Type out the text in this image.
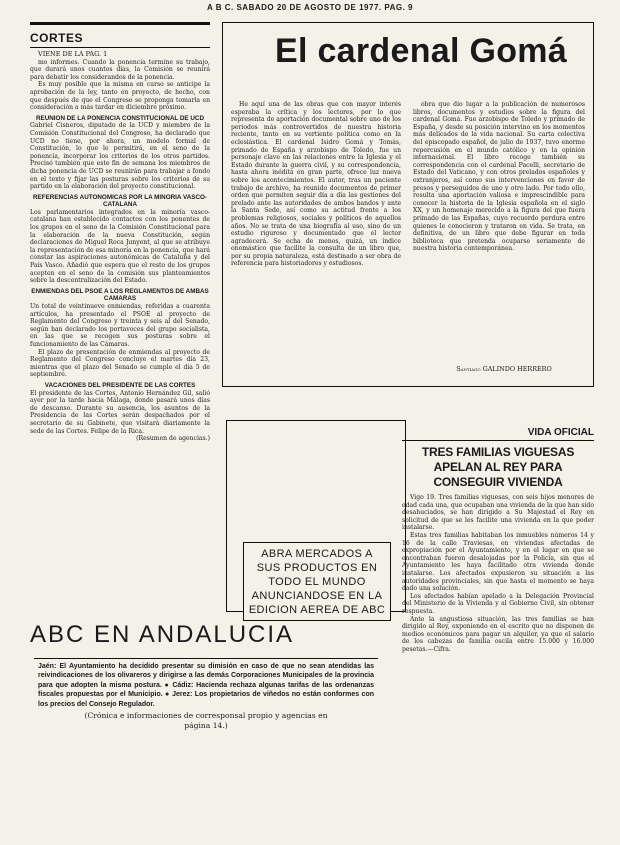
A B C. SABADO 20 DE AGOSTO DE 1977. PAG. 9
CORTES

VIENE DE LA PAG. 1

mo informes. Cuando la ponencia termine su trabajo, que durará unos cuantos días, la Comisión se reunirá para debatir los considerandos de la ponencia.

Es muy posible que la misma en curso se anticipe la aprobación de la ley, tanto en proyecto, de hecho, con que después de que el Congreso se proponga tomarla en consideración a más tardar en diciembre próximo.

REUNION DE LA PONENCIA CONSTITUCIONAL DE UCD

Gabriel Cisneros, diputado de la UCD y miembro de la Comisión Constitucional del Congreso, ha declarado que UCD no tiene, por ahora, un modelo formal de Constitución, lo que le permitirá, en el seno de la ponencia, incorporar los criterios de los otros partidos. Precisó también que este fin de semana los miembros de dicha ponencia de UCD se reunirán para trabajar a fondo en el texto y fijar las posturas sobre los criterios de su partido en la elaboración del proyecto constitucional.

REFERENCIAS AUTONOMICAS POR LA MINORIA VASCO-CATALANA

Los parlamentarios integrados en la minoría vasco-catalana han establecido contactos con los ponentes de los grupos en el seno de la Comisión Constitucional para la elaboración de la nueva Constitución, según declaraciones de Miguel Roca Junyent, al que se atribuye la representación de esa minoría en la ponencia, que hará constar las aspiraciones autonómicas de Cataluña y del País Vasco. Añadió que espera que el resto de los grupos acepten en el seno de la comisión sus planteamientos sobre la descentralización del Estado.

ENMIENDAS DEL PSOE A LOS REGLAMENTOS DE AMBAS CAMARAS

Un total de veintinueve enmiendas, referidas a cuarenta artículos, ha presentado el PSOE al proyecto de Reglamento del Congreso y treinta y seis al del Senado, según han declarado los portavoces del grupo socialista, en las que se recogen sus posturas sobre el funcionamiento de las Cámaras.

El plazo de presentación de enmiendas al proyecto de Reglamento del Congreso concluye el martes día 23, mientras que el plazo del Senado se cumple el día 5 de septiembre.

VACACIONES DEL PRESIDENTE DE LAS CORTES

El presidente de las Cortes, Antonio Hernández Gil, salió ayer por la tarde hacia Málaga, donde pasará unos días de descanso. Durante su ausencia, los asuntos de la Presidencia de las Cortes serán despachados por el secretario de su Gabinete, que visitará diariamente la sede de las Cortes. Felipe de la Rica.

(Resumen de agencias.)

El cardenal Gomá

He aquí una de las obras que con mayor interés esperaba la crítica y los lectores, por lo que representa de aportación documental sobre uno de los periodos más controvertidos de nuestra historia reciente, tanto en su vertiente política como en la eclesiástica. El cardenal Isidro Gomá y Tomás, primado de España y arzobispo de Toledo, fue un personaje clave en las relaciones entre la Iglesia y el Estado durante la guerra civil, y su correspondencia, hasta ahora inédita en gran parte, ofrece luz nueva sobre los acontecimientos. El autor, tras un paciente trabajo de archivo, ha reunido documentos de primer orden que permiten seguir día a día las gestiones del prelado ante las autoridades de ambos bandos y ante la Santa Sede, así como su actitud frente a los problemas religiosos, sociales y políticos de aquellos años. No se trata de una biografía al uso, sino de un estudio riguroso y documentado que el lector agradecerá. Se echa de menos, quizá, un índice onomástico que facilite la consulta de un libro que, por su propia naturaleza, está destinado a ser obra de referencia para historiadores y estudiosos.

obra que dio lugar a la publicación de numerosos libros, documentos y estudios sobre la figura del cardenal Gomá. Fue arzobispo de Toledo y primado de España, y desde su posición intervino en los momentos más delicados de la vida nacional. Su carta colectiva del episcopado español, de julio de 1937, tuvo enorme repercusión en el mundo católico y en la opinión internacional. El libro recoge también su correspondencia con el cardenal Pacelli, secretario de Estado del Vaticano, y con otros prelados españoles y extranjeros, así como sus intervenciones en favor de presos y perseguidos de uno y otro lado. Por todo ello, resulta una aportación valiosa e imprescindible para conocer la historia de la Iglesia española en el siglo XX, y un homenaje merecido a la figura del que fuera primado de las Españas, cuyo recuerdo perdura entre quienes le conocieron y trataron en vida. Se trata, en definitiva, de un libro que debe figurar en toda biblioteca que pretenda ocuparse seriamente de nuestra historia contemporánea.

Santiago GALINDO HERRERO
ABRA MERCADOS A SUS PRODUCTOS EN TODO EL MUNDO ANUNCIANDOSE EN LA EDICION AEREA DE ABC
VIDA OFICIAL
TRES FAMILIAS VIGUESAS APELAN AL REY PARA CONSEGUIR VIVIENDA

Vigo 19. Tres familias viguesas, con seis hijos menores de edad cada una, que ocupaban una vivienda de la que han sido desahuciados, se han dirigido a Su Majestad el Rey en solicitud de que se les facilite una vivienda en la que poder instalarse.

Estas tres familias habitaban los inmuebles números 14 y 16 de la calle Traviesas, en viviendas afectadas de expropiación por el Ayuntamiento, y en el lugar en que se encontraban fueron desalojadas por la Policía, sin que el Ayuntamiento les haya facilitado otra vivienda donde instalarse. Los afectados expusieron su situación a las autoridades provinciales, sin que hasta el momento se haya dado una solución.

Los afectados habían apelado a la Delegación Provincial del Ministerio de la Vivienda y al Gobierno Civil, sin obtener respuesta.

Ante la angustiosa situación, las tres familias se han dirigido al Rey, exponiendo en el escrito que no disponen de medios económicos para pagar un alquiler, ya que el salario de los cabezas de familia oscila entre 15.000 y 16.000 pesetas.—Cifra.

ABC EN ANDALUCIA
Jaén: El Ayuntamiento ha decidido presentar su dimisión en caso de que no sean atendidas las reivindicaciones de los olivareros y dirigirse a las demás Corporaciones Municipales de la provincia para que adopten la misma postura. ● Cádiz: Hacienda rechaza algunas tarifas de las ordenanzas fiscales propuestas por el Municipio. ● Jerez: Los propietarios de viñedos no están conformes con los precios del Consejo Regulador.
(Crónica e informaciones de corresponsal propio y agencias en página 14.)
